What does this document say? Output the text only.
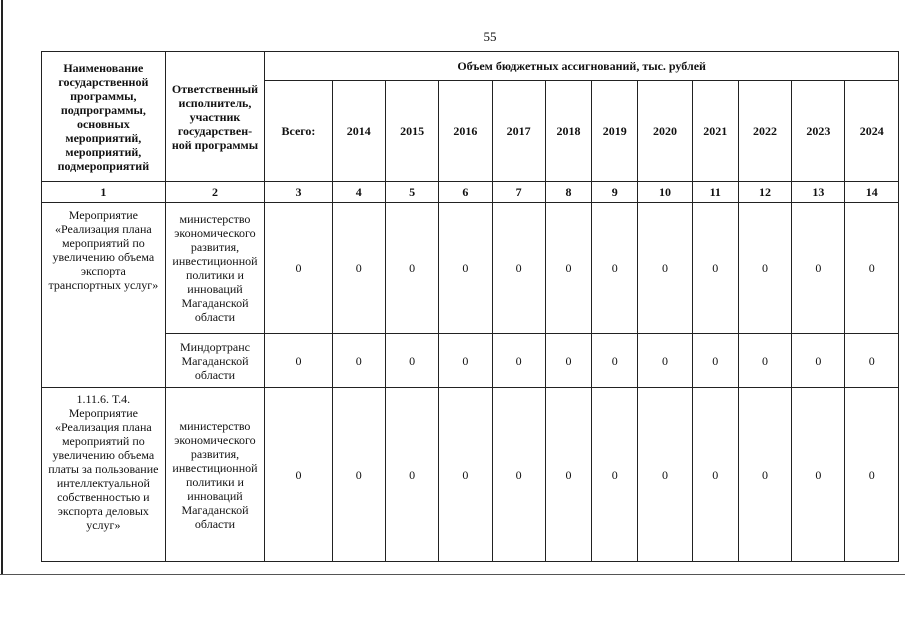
55
Наименование государственной программы, подпрограммы, основных мероприятий, мероприятий, подмероприятий	Ответственный исполнитель, участник государствен- ной программы	Объем бюджетных ассигнований, тыс. рублей											
		Всего:	2014	2015	2016	2017	2018	2019	2020	2021	2022	2023	2024
1	2	3	4	5	6	7	8	9	10	11	12	13	14
Мероприятие «Реализация плана мероприятий по увеличению объема экспорта транспортных услуг»	министерство экономического развития, инвестиционной политики и инноваций Магаданской области	0	0	0	0	0	0	0	0	0	0	0	0
	Миндортранс Магаданской области	0	0	0	0	0	0	0	0	0	0	0	0
1.11.6. Т.4. Мероприятие «Реализация плана мероприятий по увеличению объема платы за пользование интеллектуальной собственностью и экспорта деловых услуг»	министерство экономического развития, инвестиционной политики и инноваций Магаданской области	0	0	0	0	0	0	0	0	0	0	0	0
